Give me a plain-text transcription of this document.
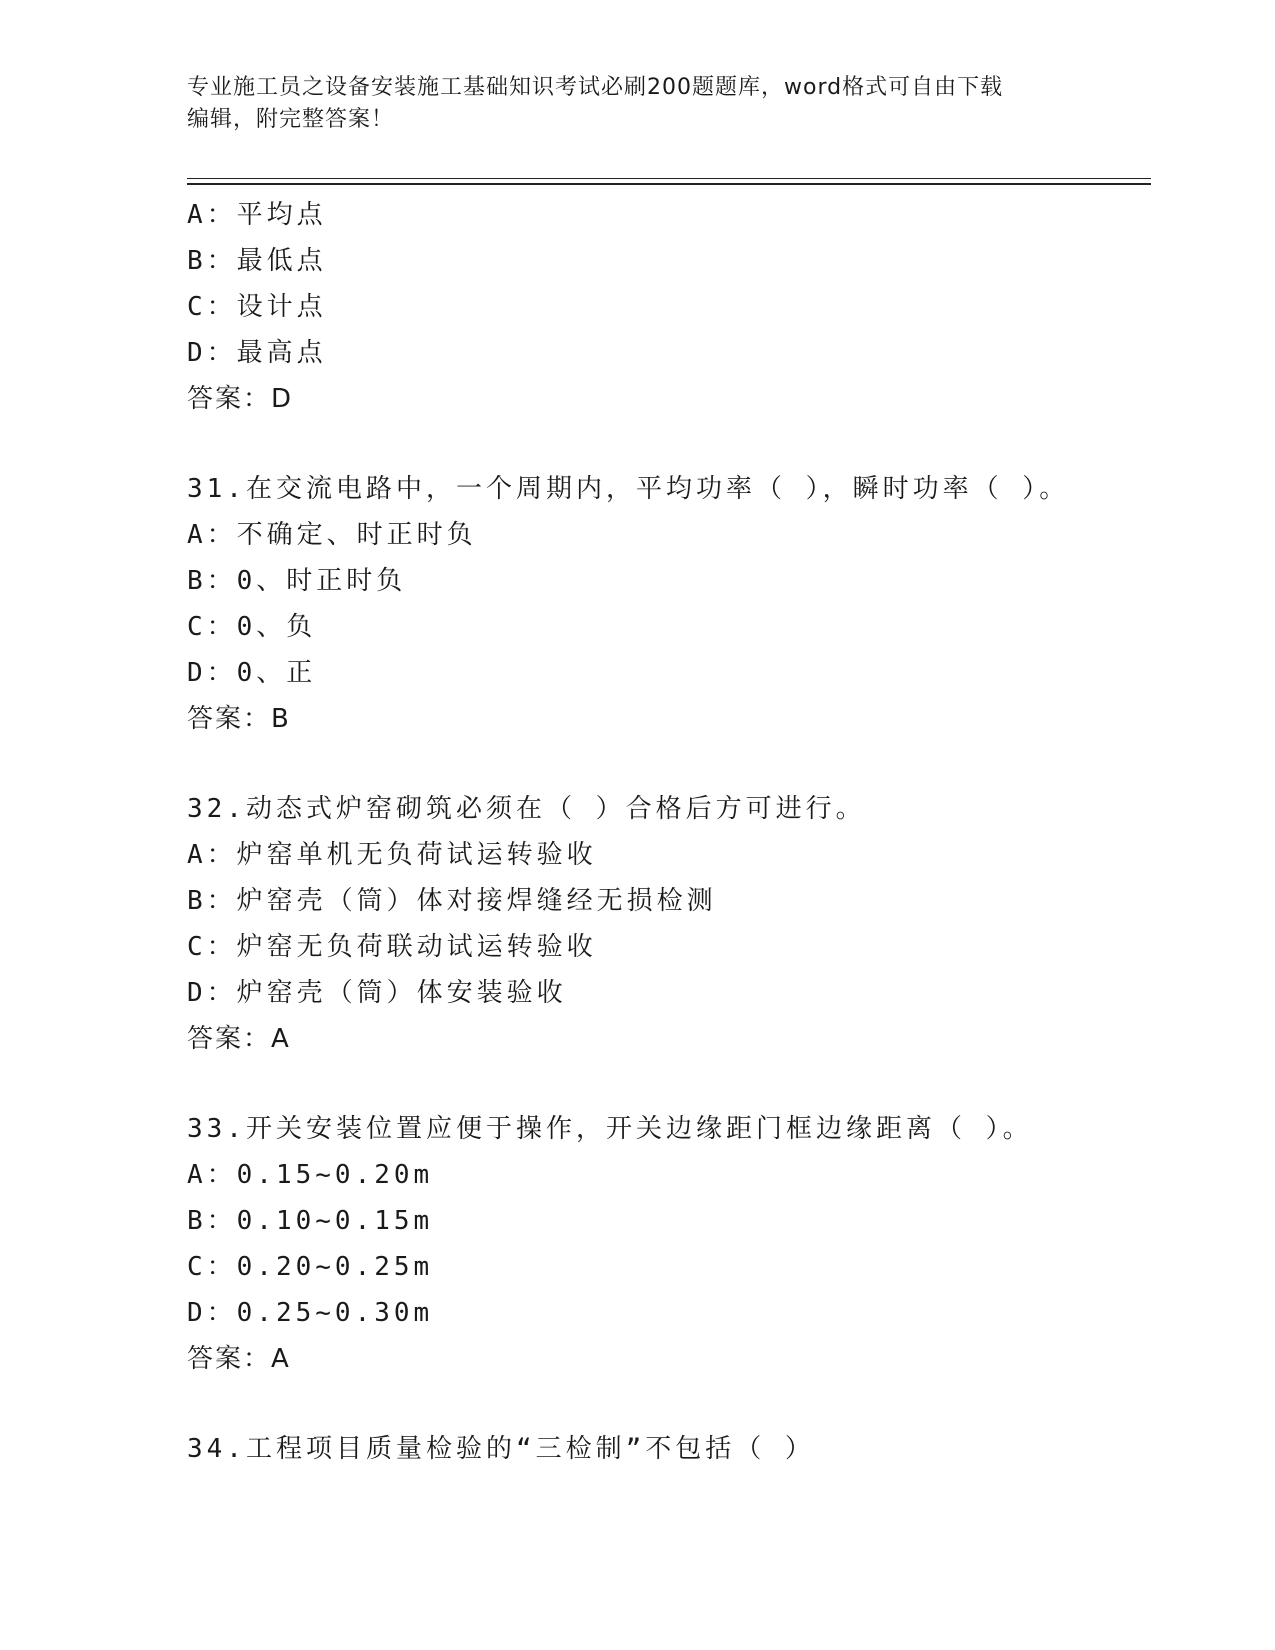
专业施工员之设备安装施工基础知识考试必刷200题题库，word格式可自由下载
编辑，附完整答案！
A：平均点
B：最低点
C：设计点
D：最高点
答案：D
31.在交流电路中，一个周期内，平均功率（ ），瞬时功率（ ）。
A：不确定、时正时负
B：0、时正时负
C：0、负
D：0、正
答案：B
32.动态式炉窑砌筑必须在（ ）合格后方可进行。
A：炉窑单机无负荷试运转验收
B：炉窑壳（筒）体对接焊缝经无损检测
C：炉窑无负荷联动试运转验收
D：炉窑壳（筒）体安装验收
答案：A
33.开关安装位置应便于操作，开关边缘距门框边缘距离（ ）。
A：0.15~0.20m
B：0.10~0.15m
C：0.20~0.25m
D：0.25~0.30m
答案：A
34.工程项目质量检验的“三检制”不包括（ ）
